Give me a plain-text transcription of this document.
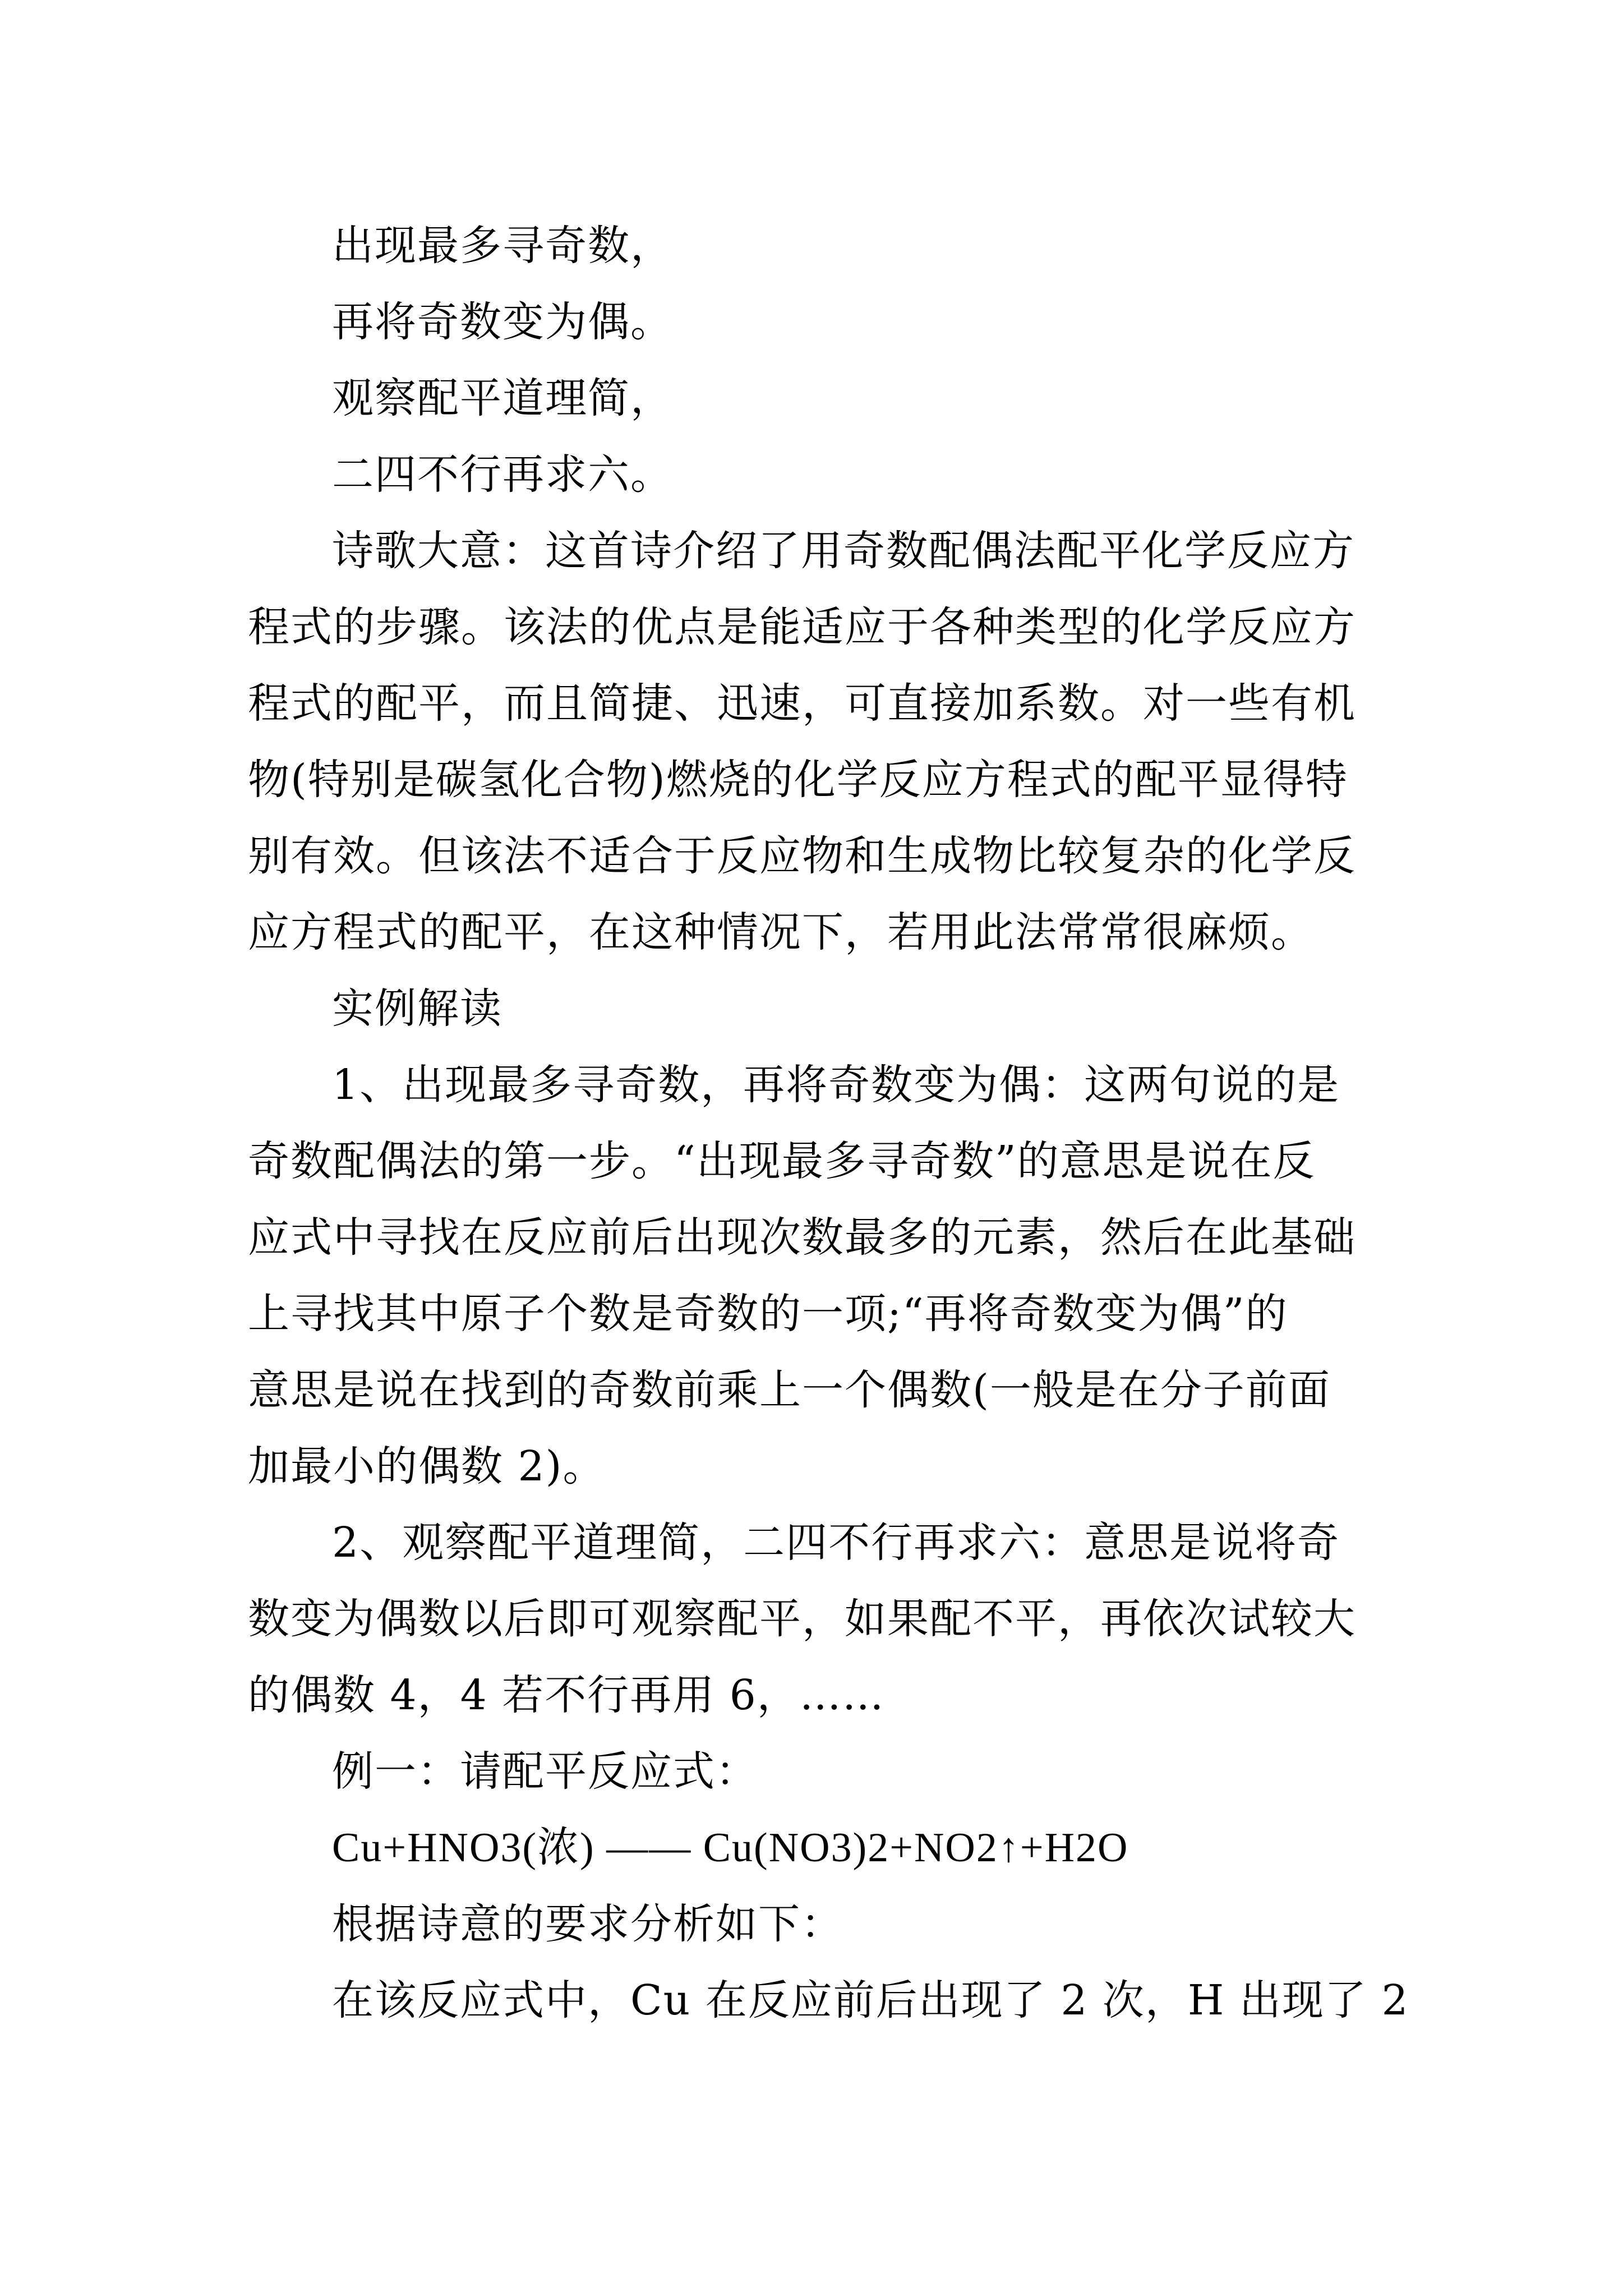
出现最多寻奇数，

再将奇数变为偶。

观察配平道理简，

二四不行再求六。

诗歌大意：这首诗介绍了用奇数配偶法配平化学反应方

程式的步骤。该法的优点是能适应于各种类型的化学反应方

程式的配平，而且简捷、迅速，可直接加系数。对一些有机

物(特别是碳氢化合物)燃烧的化学反应方程式的配平显得特

别有效。但该法不适合于反应物和生成物比较复杂的化学反

应方程式的配平，在这种情况下，若用此法常常很麻烦。

实例解读

1、出现最多寻奇数，再将奇数变为偶：这两句说的是

奇数配偶法的第一步。“出现最多寻奇数”的意思是说在反

应式中寻找在反应前后出现次数最多的元素，然后在此基础

上寻找其中原子个数是奇数的一项;“再将奇数变为偶”的

意思是说在找到的奇数前乘上一个偶数(一般是在分子前面

加最小的偶数 2)。

2、观察配平道理简，二四不行再求六：意思是说将奇

数变为偶数以后即可观察配平，如果配不平，再依次试较大

的偶数 4，4 若不行再用 6，……

例一：请配平反应式：

Cu+HNO3(浓) —— Cu(NO3)2+NO2↑+H2O

根据诗意的要求分析如下：

在该反应式中，Cu 在反应前后出现了 2 次，H 出现了 2
